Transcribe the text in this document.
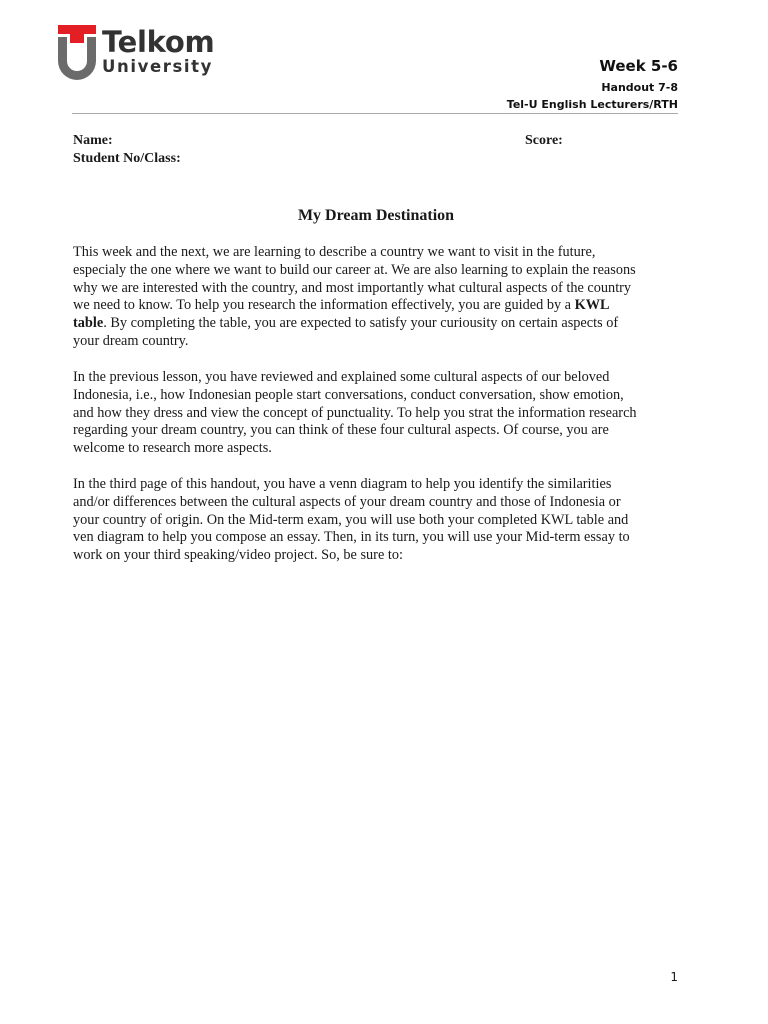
Telkom
University	Week 5-6
Handout 7-8
Tel-U English Lecturers/RTH
Name:	Score:
Student No/Class:
My Dream Destination

This week and the next, we are learning to describe a country we want to visit in the future,
especialy the one where we want to build our career at. We are also learning to explain the reasons
why we are interested with the country, and most importantly what cultural aspects of the country
we need to know. To help you research the information effectively, you are guided by a KWL
table. By completing the table, you are expected to satisfy your curiousity on certain aspects of
your dream country.

In the previous lesson, you have reviewed and explained some cultural aspects of our beloved
Indonesia, i.e., how Indonesian people start conversations, conduct conversation, show emotion,
and how they dress and view the concept of punctuality. To help you strat the information research
regarding your dream country, you can think of these four cultural aspects. Of course, you are
welcome to research more aspects.

In the third page of this handout, you have a venn diagram to help you identify the similarities
and/or differences between the cultural aspects of your dream country and those of Indonesia or
your country of origin. On the Mid-term exam, you will use both your completed KWL table and
ven diagram to help you compose an essay. Then, in its turn, you will use your Mid-term essay to
work on your third speaking/video project. So, be sure to:

1
